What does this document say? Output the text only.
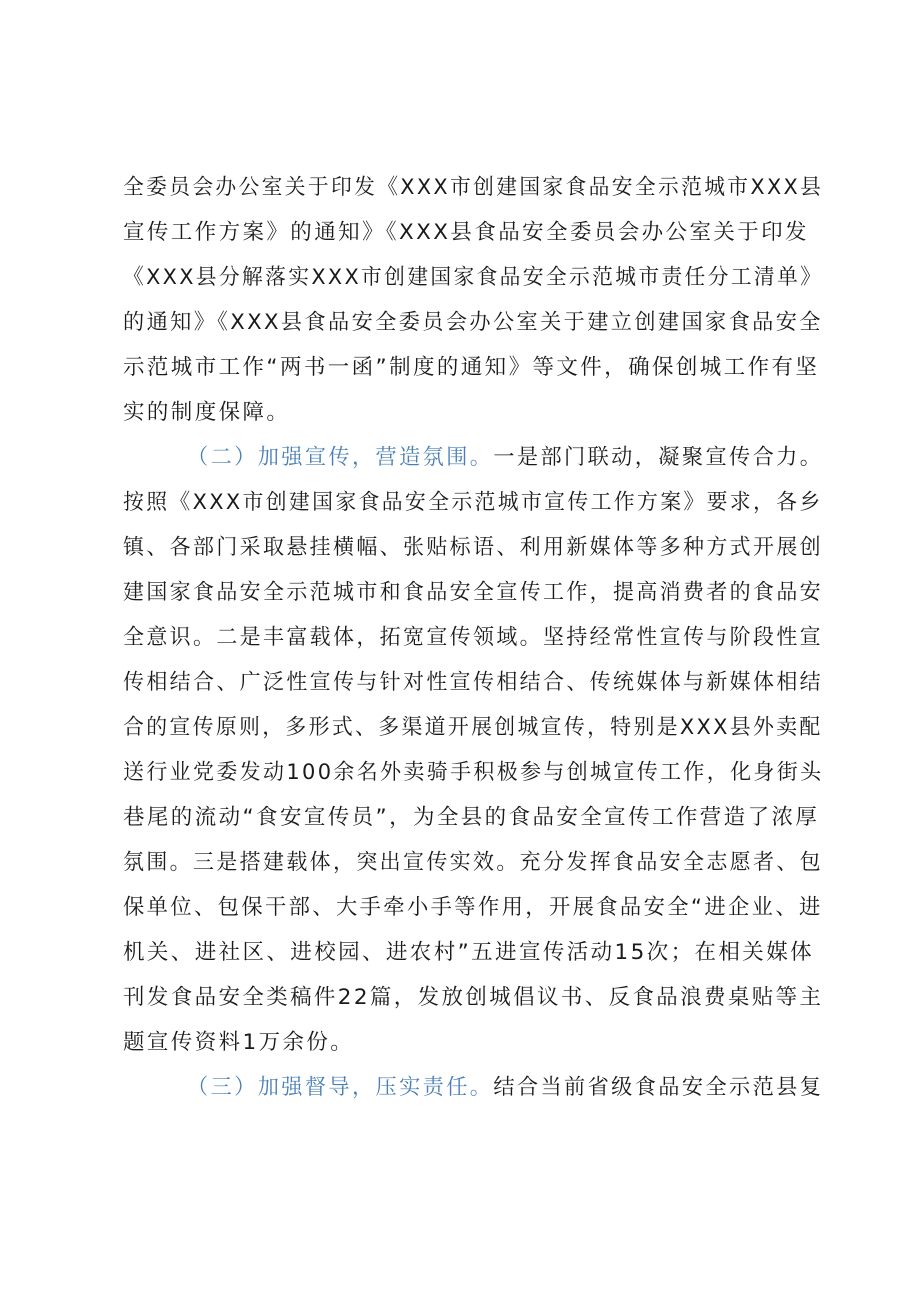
全委员会办公室关于印发《XXX市创建国家食品安全示范城市XXX县
宣传工作方案》的通知》《XXX县食品安全委员会办公室关于印发
《XXX县分解落实XXX市创建国家食品安全示范城市责任分工清单》
的通知》《XXX县食品安全委员会办公室关于建立创建国家食品安全
示范城市工作“两书一函”制度的通知》等文件，确保创城工作有坚
实的制度保障。
（二）加强宣传，营造氛围。一是部门联动，凝聚宣传合力。
按照《XXX市创建国家食品安全示范城市宣传工作方案》要求，各乡
镇、各部门采取悬挂横幅、张贴标语、利用新媒体等多种方式开展创
建国家食品安全示范城市和食品安全宣传工作，提高消费者的食品安
全意识。二是丰富载体，拓宽宣传领域。坚持经常性宣传与阶段性宣
传相结合、广泛性宣传与针对性宣传相结合、传统媒体与新媒体相结
合的宣传原则，多形式、多渠道开展创城宣传，特别是XXX县外卖配
送行业党委发动100余名外卖骑手积极参与创城宣传工作，化身街头
巷尾的流动“食安宣传员”，为全县的食品安全宣传工作营造了浓厚
氛围。三是搭建载体，突出宣传实效。充分发挥食品安全志愿者、包
保单位、包保干部、大手牵小手等作用，开展食品安全“进企业、进
机关、进社区、进校园、进农村”五进宣传活动15次；在相关媒体
刊发食品安全类稿件22篇，发放创城倡议书、反食品浪费桌贴等主
题宣传资料1万余份。
（三）加强督导，压实责任。结合当前省级食品安全示范县复
